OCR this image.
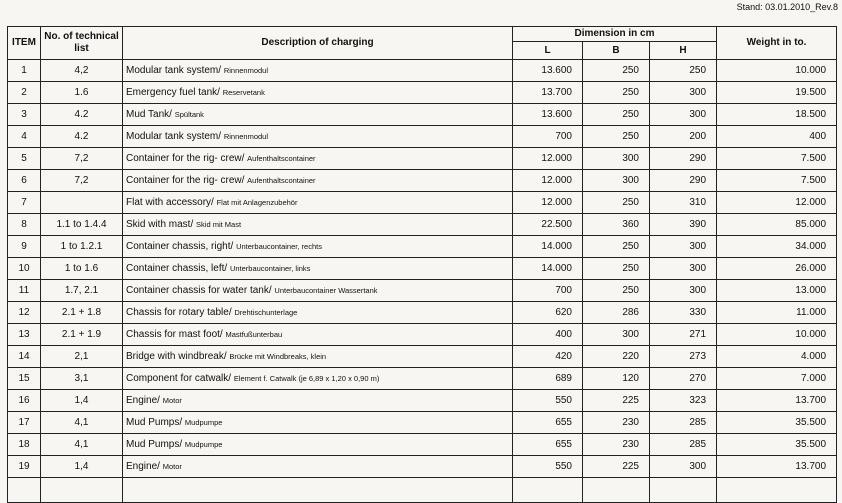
Stand: 03.01.2010_Rev.8
ITEM	No. of technical list	Description of charging	Dimension in cm			Weight in to.
			L	B	H	
1	4,2	Modular tank system/ Rinnenmodul	13.600	250	250	10.000
2	1.6	Emergency fuel tank/ Reservetank	13.700	250	300	19.500
3	4.2	Mud Tank/ Spültank	13.600	250	300	18.500
4	4.2	Modular tank system/ Rinnenmodul	700	250	200	400
5	7,2	Container for the rig- crew/ Aufenthaltscontainer	12.000	300	290	7.500
6	7,2	Container for the rig- crew/ Aufenthaltscontainer	12.000	300	290	7.500
7		Flat with accessory/ Flat mit Anlagenzubehör	12.000	250	310	12.000
8	1.1 to 1.4.4	Skid with mast/ Skid mit Mast	22.500	360	390	85.000
9	1 to 1.2.1	Container chassis, right/ Unterbaucontainer, rechts	14.000	250	300	34.000
10	1 to 1.6	Container chassis, left/ Unterbaucontainer, links	14.000	250	300	26.000
11	1.7, 2.1	Container chassis for water tank/ Unterbaucontainer Wassertank	700	250	300	13.000
12	2.1 + 1.8	Chassis for rotary table/ Drehtischunterlage	620	286	330	11.000
13	2.1 + 1.9	Chassis for mast foot/ Mastfußunterbau	400	300	271	10.000
14	2,1	Bridge with windbreak/ Brücke mit Windbreaks, klein	420	220	273	4.000
15	3,1	Component for catwalk/ Element f. Catwalk (je 6,89 x 1,20 x 0,90 m)	689	120	270	7.000
16	1,4	Engine/ Motor	550	225	323	13.700
17	4,1	Mud Pumps/ Mudpumpe	655	230	285	35.500
18	4,1	Mud Pumps/ Mudpumpe	655	230	285	35.500
19	1,4	Engine/ Motor	550	225	300	13.700
